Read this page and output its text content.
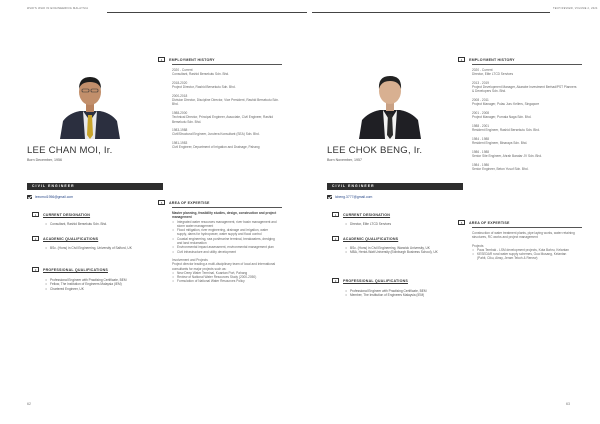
WHO'S WHO IN ENGINEERING MALAYSIA	TECH REVIEW, VOLUME 2, 2024
LEE CHAN MOI, Ir.
Born December, 1956
CIVIL ENGINEER
leecmoi1956@gmail.com
1	CURRENT DESIGNATION
• Consultant, Rashid Bersekutu Sdn. Bhd.
2	ACADEMIC QUALIFICATIONS
• BSc. (Hons) in Civil Engineering, University of Salford, UK
3	PROFESSIONAL QUALIFICATIONS
• Professional Engineer with Practising Certificate, BEM
• Fellow, The Institution of Engineers Malaysia (IEM)
• Chartered Engineer, UK
4	EMPLOYMENT HISTORY
2020 - Current
Consultant, Rashid Bersekutu Sdn. Bhd.
2018-2020
Project Director, Rashid Bersekutu Sdn. Bhd.
2000-2018
Division Director, Discipline Director, Vice President, Rashid Bersekutu Sdn. Bhd.
1988-2000
Technical Director, Principal Engineer, Associate, Civil Engineer, Rashid Bersekutu Sdn. Bhd.
1983-1988
Civil/Structural Engineer, Jurutera Konsultant (SEA) Sdn. Bhd.
1981-1983
Civil Engineer, Department of Irrigation and Drainage, Pahang
5	AREA OF EXPERTISE
Master planning, feasibility studies, design, construction and project management
• Integrated water resources management, river basin management and storm water management
• Flood mitigation, river engineering, drainage and irrigation, water supply, dams for hydropower, water supply and flood control
• Coastal engineering, sea port/marine terminal, breakwaters, dredging and land reclamation
• Environmental impact assessment, environmental management plan
• Civil infrastructure and utility development
Involvement and Projects
Project director leading a multi-disciplinary team of local and international consultants for major projects such as:
• New Deep Water Terminal, Kuantan Port, Pahang
• Review of National Water Resources Study (2000-2050)
• Formulation of National Water Resources Policy
62
LEE CHOK BENG, Ir.
Born November, 1957
CIVIL ENGINEER
lcbeng.3777@gmail.com
1	CURRENT DESIGNATION
• Director, Elite LTCD Services
2	ACADEMIC QUALIFICATIONS
• BSc. (Hons) in Civil Engineering, Warwick University, UK
• MBA, Heriot-Watt University (Edinburgh Business School), UK
3	PROFESSIONAL QUALIFICATIONS
• Professional Engineer with Practising Certificate, BEM
• Member, The Institution of Engineers Malaysia (IEM)
4	EMPLOYMENT HISTORY
2020 - Current
Director, Elite LTCD Services
2013 - 2019
Project Development Manager, Akarabe Investment Berhad/PST Planners & Developers Sdn. Bhd.
2008 - 2011
Project Manager, Pulau Juru Kellers, Singapore
2001 - 2008
Project Manager, Purnala Naga Sdn. Bhd.
1988 - 2001
Resident Engineer, Rashid Bersekutu Sdn. Bhd.
1984 - 1988
Resident Engineer, Binaraya Sdn. Bhd.
1986 - 1988
Senior Site Engineer, Ahrah Baratar JV Sdn. Bhd.
1984 - 1986
Senior Engineer, Beton Yusuf Sdn. Bhd.
5	AREA OF EXPERTISE
Construction of water treatment plants, pipe laying works, water retaining structures, RC works and project management
Projects
• Paus Tembak - LSM development projects, Kota Bahru, Kelantan
• KESEDAR rural water supply schemes, Gua Musang, Kelantan (Pahit, Ciku, Ainsy, Jeram Tekoh & Renew)
63
